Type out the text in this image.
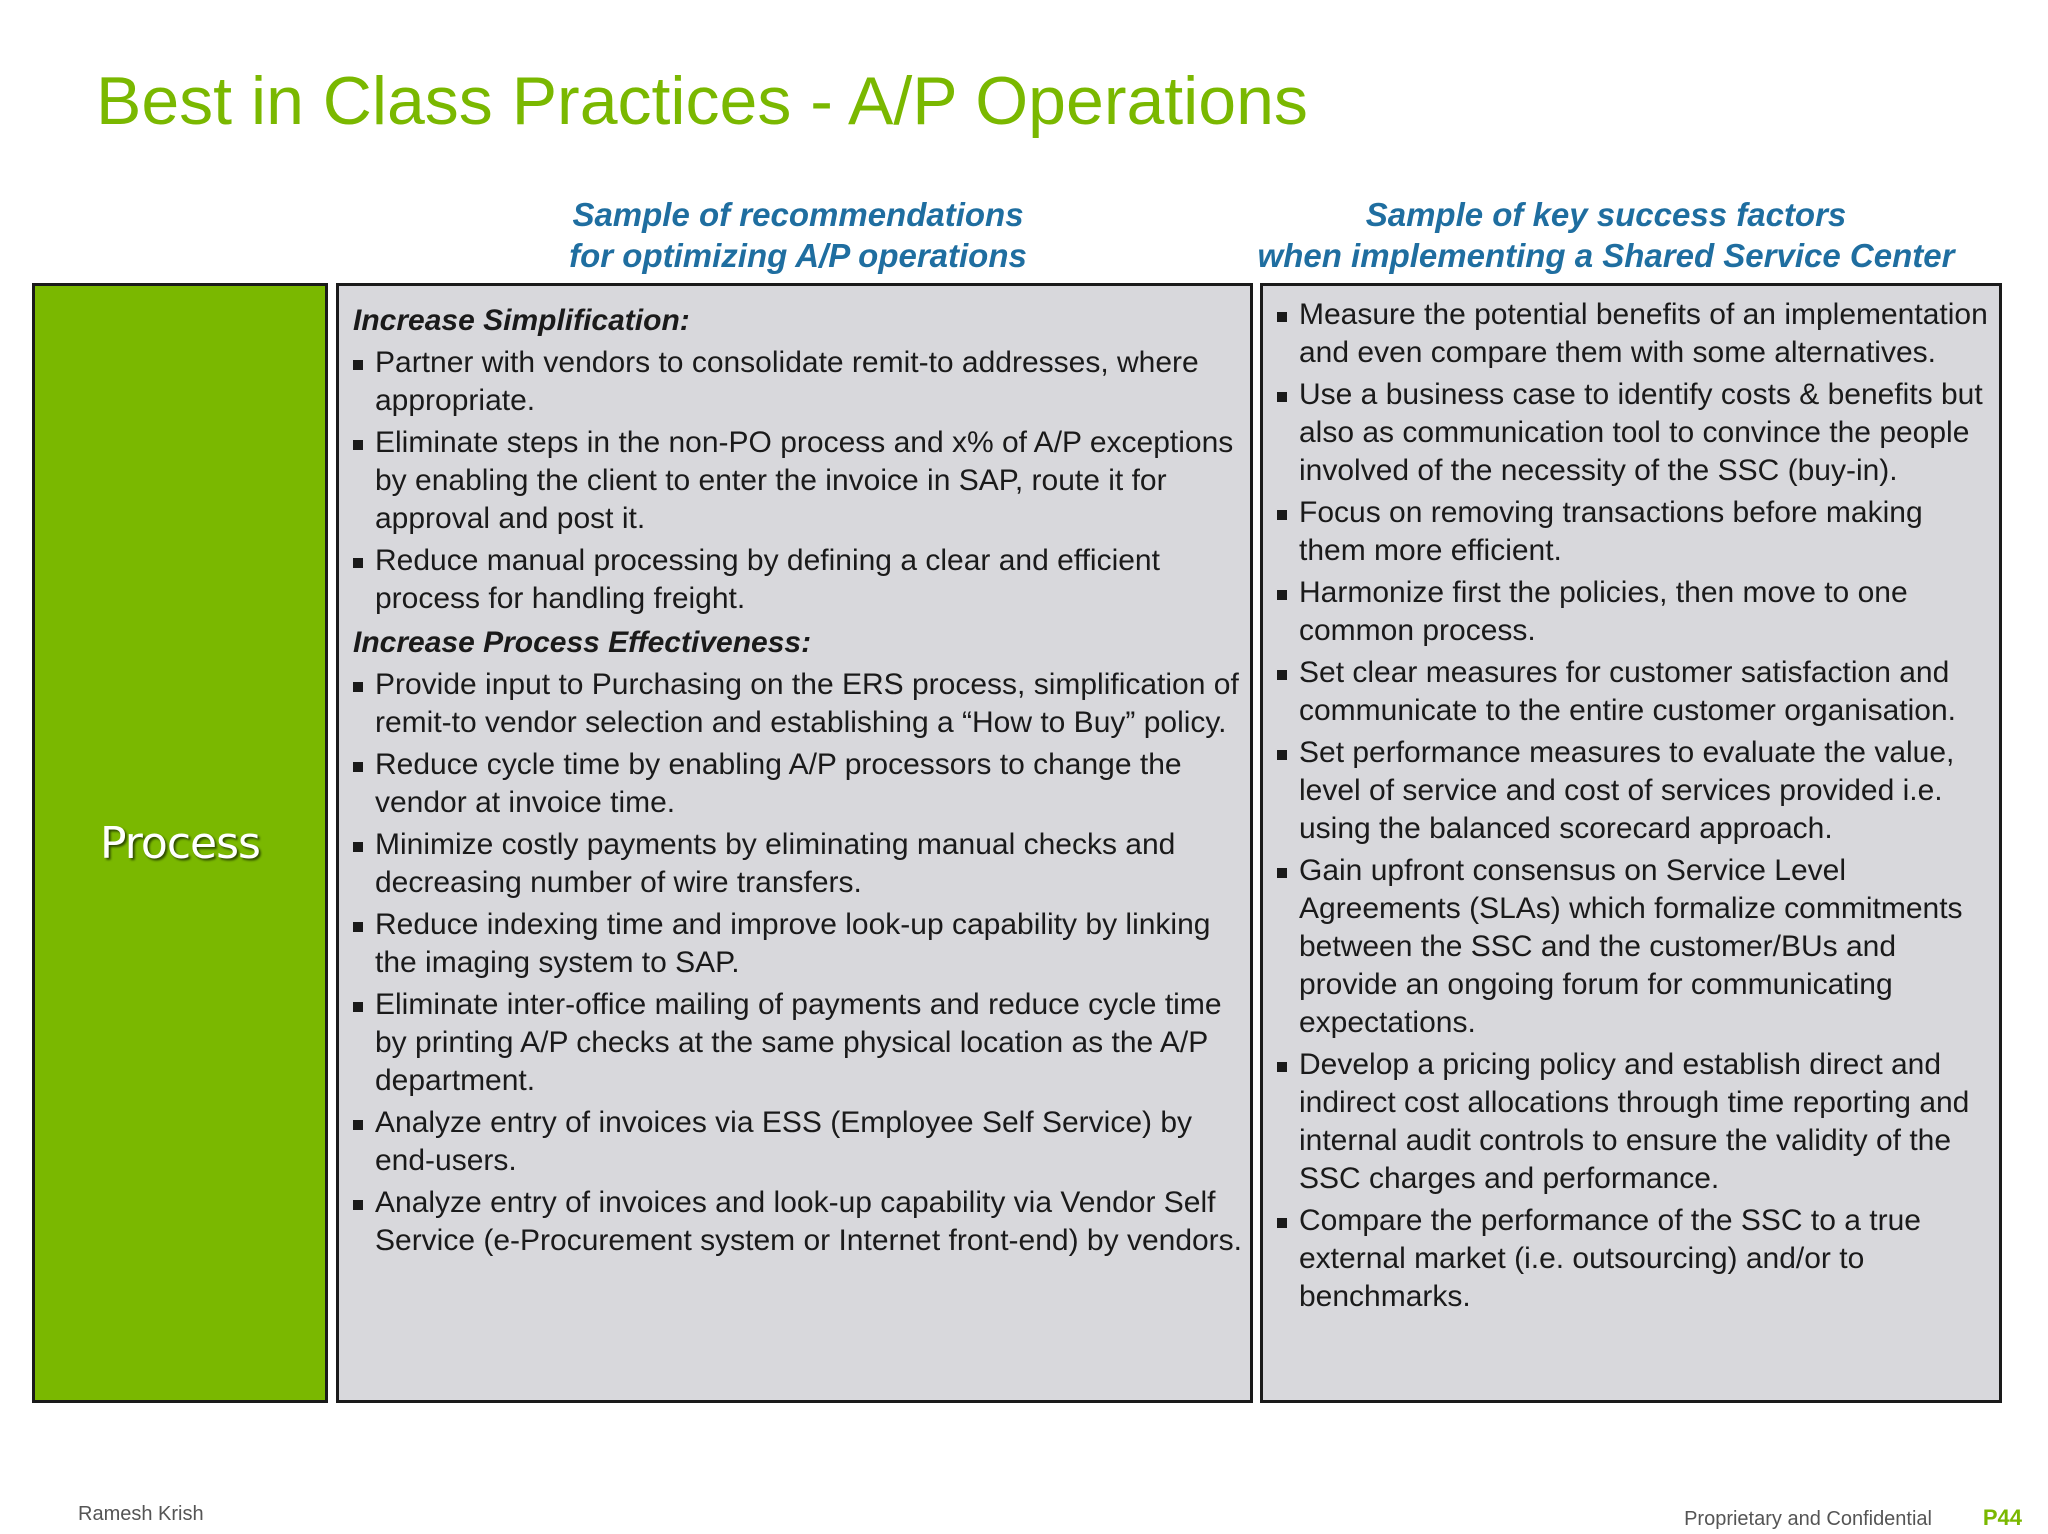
Best in Class Practices - A/P Operations
Sample of recommendations
for optimizing A/P operations
Sample of key success factors
when implementing a Shared Service Center
Process
Increase Simplification:
Partner with vendors to consolidate remit-to addresses, where appropriate.
Eliminate steps in the non-PO process and x% of A/P exceptions by enabling the client to enter the invoice in SAP, route it for approval and post it.
Reduce manual processing by defining a clear and efficient process for handling freight.
Increase Process Effectiveness:
Provide input to Purchasing on the ERS process, simplification of remit-to vendor selection and establishing a “How to Buy” policy.
Reduce cycle time by enabling A/P processors to change the vendor at invoice time.
Minimize costly payments by eliminating manual checks and decreasing number of wire transfers.
Reduce indexing time and improve look-up capability by linking the imaging system to SAP.
Eliminate inter-office mailing of payments and reduce cycle time by printing A/P checks at the same physical location as the A/P department.
Analyze entry of invoices via ESS (Employee Self Service) by end-users.
Analyze entry of invoices and look-up capability via Vendor Self Service (e-Procurement system or Internet front-end) by vendors.
Measure the potential benefits of an implementation and even compare them with some alternatives.
Use a business case to identify costs & benefits but also as communication tool to convince the people involved of the necessity of the SSC (buy-in).
Focus on removing transactions before making them more efficient.
Harmonize first the policies, then move to one common process.
Set clear measures for customer satisfaction and communicate to the entire customer organisation.
Set performance measures to evaluate the value, level of service and cost of services provided i.e. using the balanced scorecard approach.
Gain upfront consensus on Service Level Agreements (SLAs) which formalize commitments between the SSC and the customer/BUs and provide an ongoing forum for communicating expectations.
Develop a pricing policy and establish direct and indirect cost allocations through time reporting and internal audit controls to ensure the validity of the SSC charges and performance.
Compare the performance of the SSC to a true external market (i.e. outsourcing) and/or to benchmarks.
Ramesh Krish	Proprietary and Confidential P44
